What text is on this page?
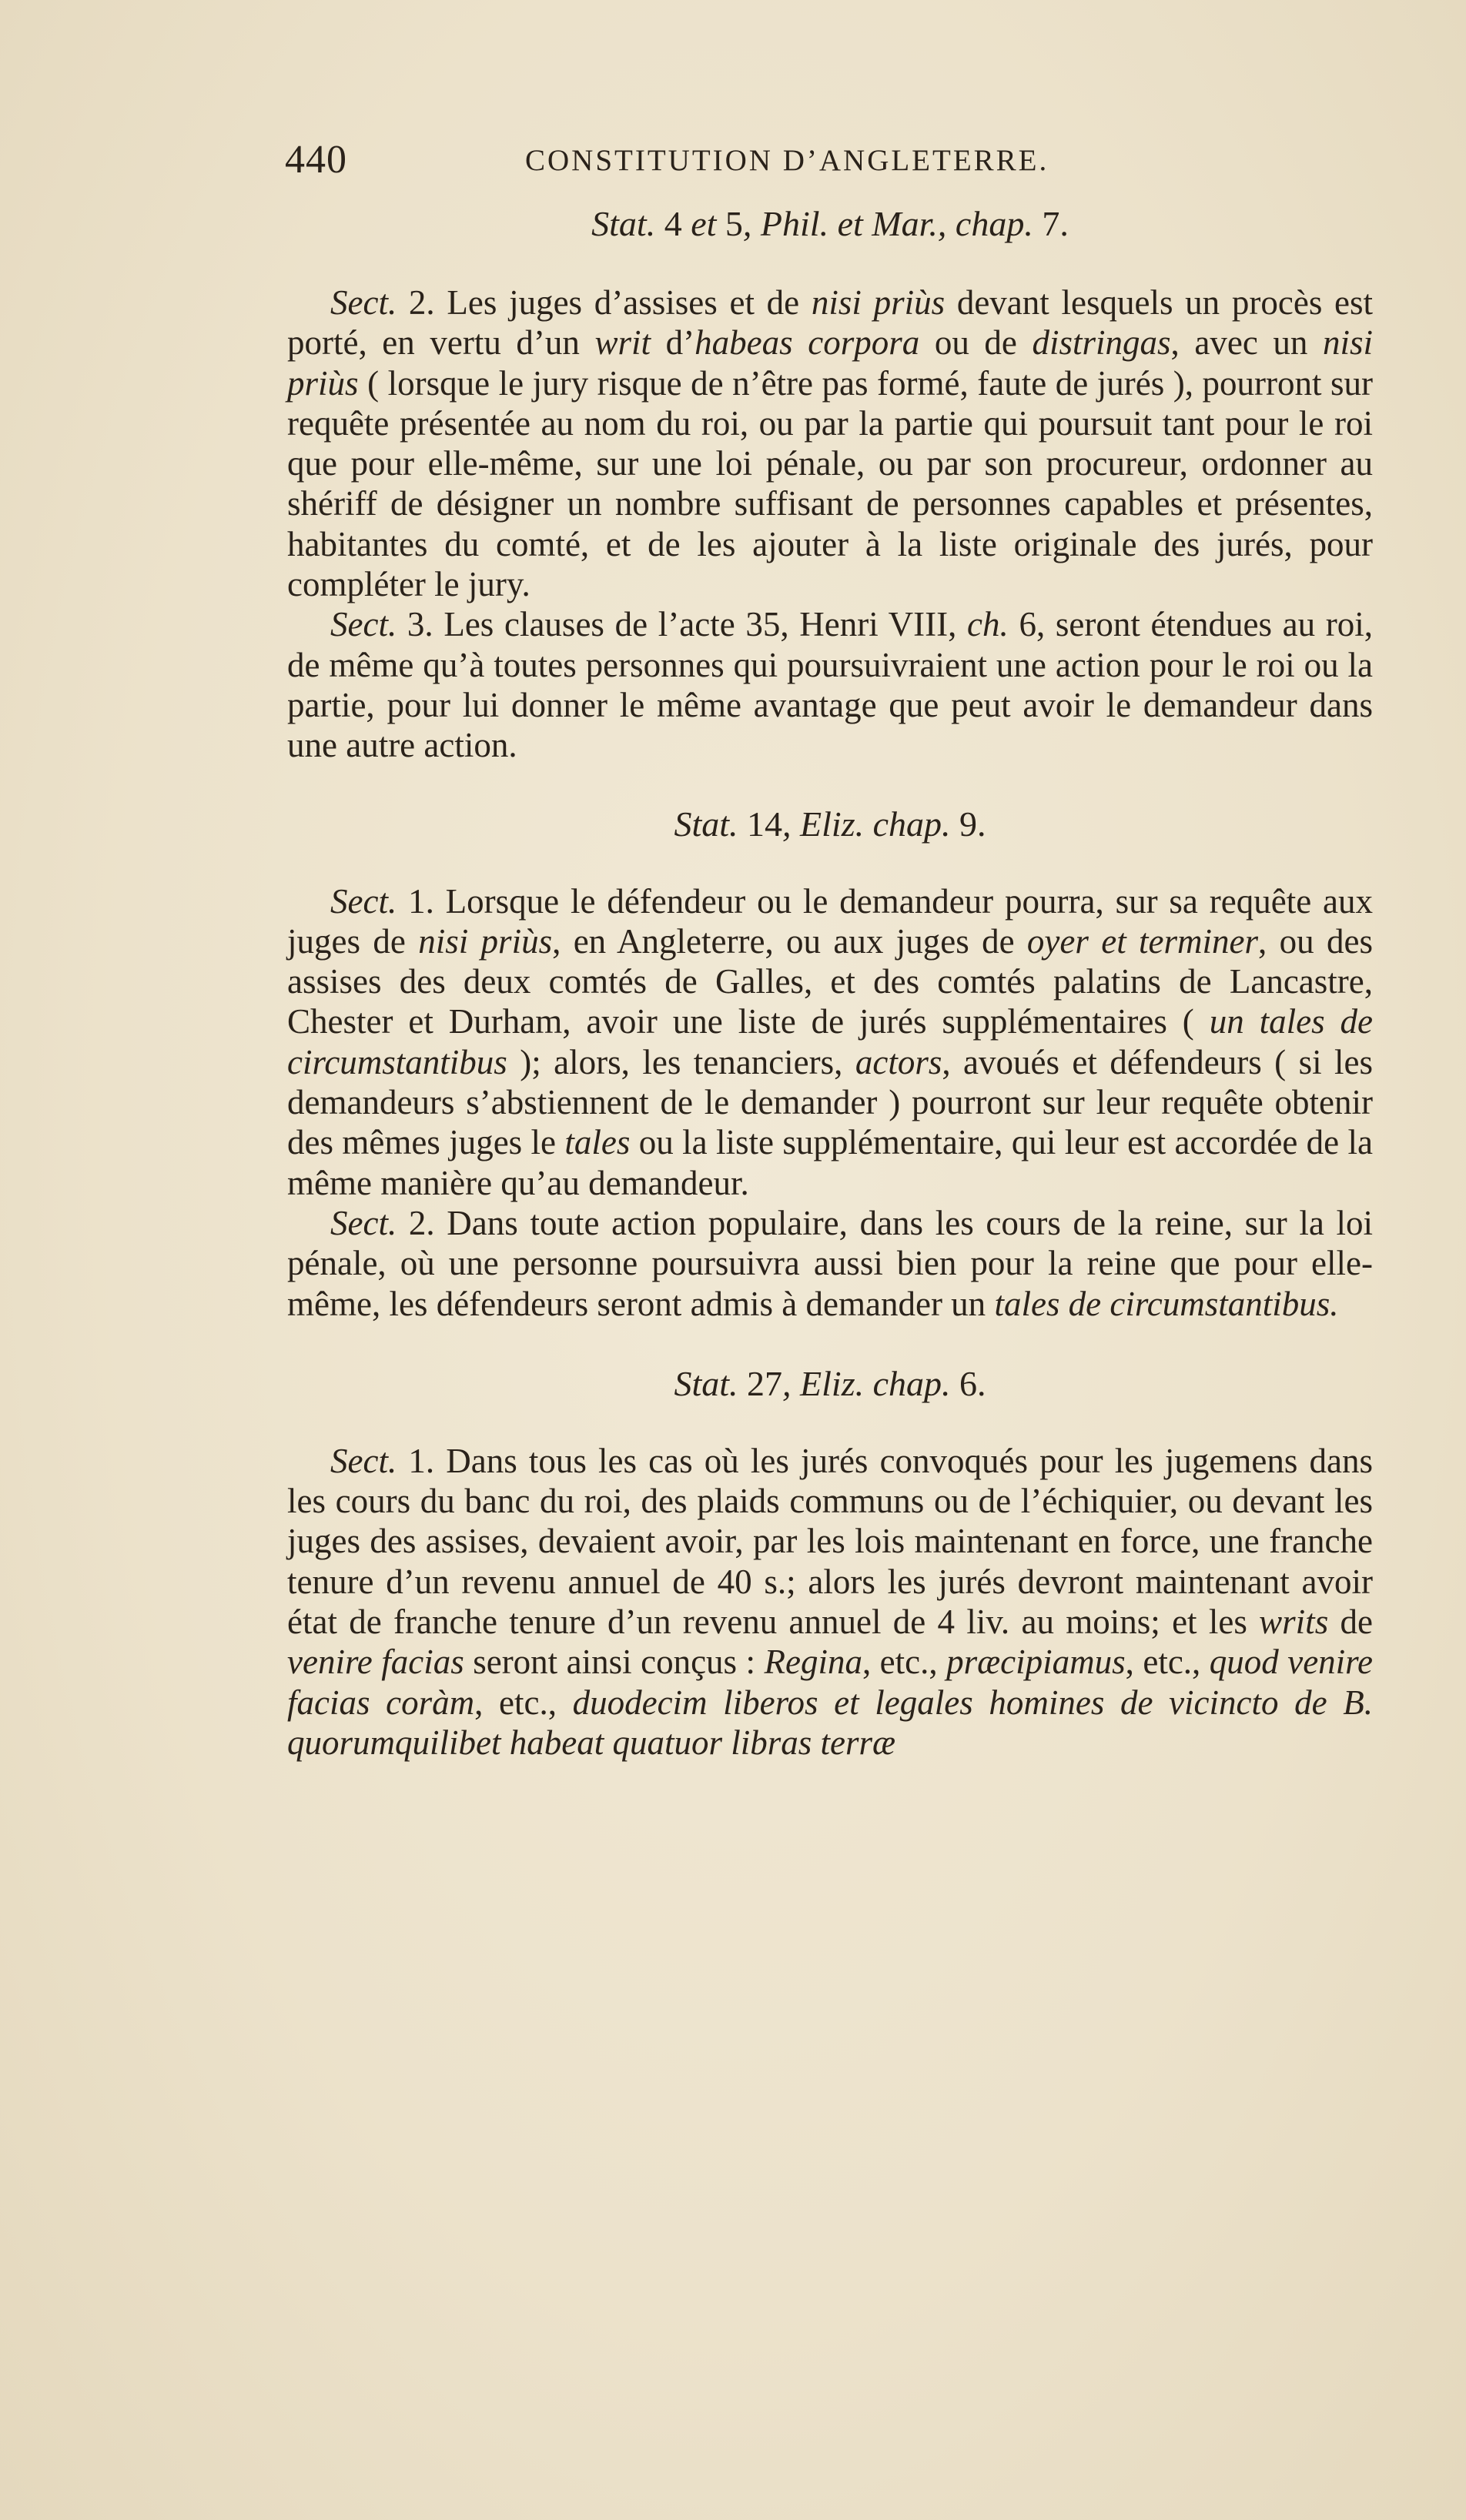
440	CONSTITUTION D’ANGLETERRE.

Stat. 4 et 5, Phil. et Mar., chap. 7.

Sect. 2. Les juges d’assises et de nisi priùs devant lesquels un procès est porté, en vertu d’un writ d’habeas corpora ou de distringas, avec un nisi priùs ( lorsque le jury risque de n’être pas formé, faute de jurés ), pourront sur requête présentée au nom du roi, ou par la partie qui poursuit tant pour le roi que pour elle-même, sur une loi pénale, ou par son procureur, ordonner au shériff de désigner un nombre suffisant de personnes capables et présentes, habitantes du comté, et de les ajouter à la liste originale des jurés, pour compléter le jury.

Sect. 3. Les clauses de l’acte 35, Henri VIII, ch. 6, seront étendues au roi, de même qu’à toutes personnes qui poursuivraient une action pour le roi ou la partie, pour lui donner le même avantage que peut avoir le demandeur dans une autre action.

Stat. 14, Eliz. chap. 9.

Sect. 1. Lorsque le défendeur ou le demandeur pourra, sur sa requête aux juges de nisi priùs, en Angleterre, ou aux juges de oyer et terminer, ou des assises des deux comtés de Galles, et des comtés palatins de Lancastre, Chester et Durham, avoir une liste de jurés supplémentaires ( un tales de circumstantibus ); alors, les tenanciers, actors, avoués et défendeurs ( si les demandeurs s’abstiennent de le demander ) pourront sur leur requête obtenir des mêmes juges le tales ou la liste supplémentaire, qui leur est accordée de la même manière qu’au demandeur.

Sect. 2. Dans toute action populaire, dans les cours de la reine, sur la loi pénale, où une personne poursuivra aussi bien pour la reine que pour elle-même, les défendeurs seront admis à demander un tales de circumstantibus.

Stat. 27, Eliz. chap. 6.

Sect. 1. Dans tous les cas où les jurés convoqués pour les jugemens dans les cours du banc du roi, des plaids communs ou de l’échiquier, ou devant les juges des assises, devaient avoir, par les lois maintenant en force, une franche tenure d’un revenu annuel de 40 s.; alors les jurés devront maintenant avoir état de franche tenure d’un revenu annuel de 4 liv. au moins; et les writs de venire facias seront ainsi conçus : Regina, etc., præcipiamus, etc., quod venire facias coràm, etc., duodecim liberos et legales homines de vicincto de B. quorumquilibet habeat quatuor libras terræ
